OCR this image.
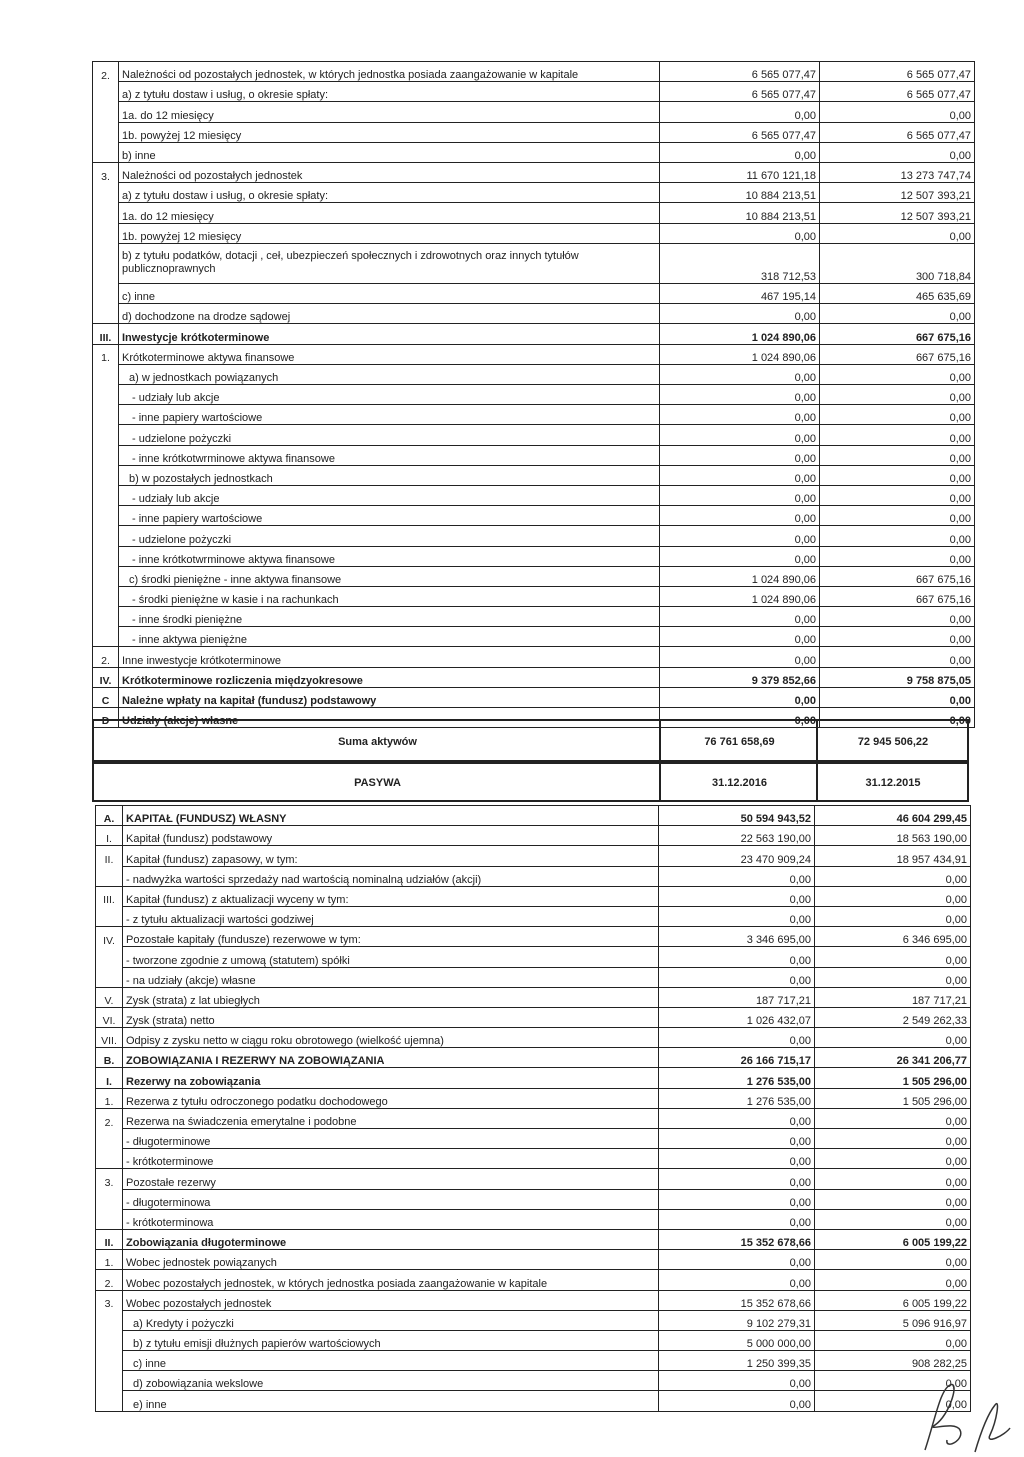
2.	Należności od pozostałych jednostek, w których jednostka posiada zaangażowanie w kapitale	6 565 077,47	6 565 077,47
	a) z tytułu dostaw i usług, o okresie spłaty:	6 565 077,47	6 565 077,47
	1a. do 12 miesięcy	0,00	0,00
	1b. powyżej 12 miesięcy	6 565 077,47	6 565 077,47
	b) inne	0,00	0,00
3.	Należności od pozostałych jednostek	11 670 121,18	13 273 747,74
	a) z tytułu dostaw i usług, o okresie spłaty:	10 884 213,51	12 507 393,21
	1a. do 12 miesięcy	10 884 213,51	12 507 393,21
	1b. powyżej 12 miesięcy	0,00	0,00
	b) z tytułu podatków, dotacji , ceł, ubezpieczeń społecznych i zdrowotnych oraz innych tytułów publicznoprawnych	318 712,53	300 718,84
	c) inne	467 195,14	465 635,69
	d) dochodzone na drodze sądowej	0,00	0,00
III.	Inwestycje krótkoterminowe	1 024 890,06	667 675,16
1.	Krótkoterminowe aktywa finansowe	1 024 890,06	667 675,16
	a) w jednostkach powiązanych	0,00	0,00
	- udziały lub akcje	0,00	0,00
	- inne papiery wartościowe	0,00	0,00
	- udzielone pożyczki	0,00	0,00
	- inne krótkotwrminowe aktywa finansowe	0,00	0,00
	b) w pozostałych jednostkach	0,00	0,00
	- udziały lub akcje	0,00	0,00
	- inne papiery wartościowe	0,00	0,00
	- udzielone pożyczki	0,00	0,00
	- inne krótkotwrminowe aktywa finansowe	0,00	0,00
	c) środki pieniężne - inne aktywa finansowe	1 024 890,06	667 675,16
	- środki pieniężne w kasie i na rachunkach	1 024 890,06	667 675,16
	- inne środki pieniężne	0,00	0,00
	- inne aktywa pieniężne	0,00	0,00
2.	Inne inwestycje krótkoterminowe	0,00	0,00
IV.	Krótkoterminowe rozliczenia międzyokresowe	9 379 852,66	9 758 875,05
C	Należne wpłaty na kapitał (fundusz) podstawowy	0,00	0,00
D	Udziały (akcje) własne	0,00	0,00
Suma aktywów	76 761 658,69	72 945 506,22
PASYWA	31.12.2016	31.12.2015
A.	KAPITAŁ (FUNDUSZ) WŁASNY	50 594 943,52	46 604 299,45
I.	Kapitał (fundusz) podstawowy	22 563 190,00	18 563 190,00
II.	Kapitał (fundusz) zapasowy, w tym:	23 470 909,24	18 957 434,91
	- nadwyżka wartości sprzedaży nad wartością nominalną udziałów (akcji)	0,00	0,00
III.	Kapitał (fundusz) z aktualizacji wyceny w tym:	0,00	0,00
	- z tytułu aktualizacji wartości godziwej	0,00	0,00
IV.	Pozostałe kapitały (fundusze) rezerwowe w tym:	3 346 695,00	6 346 695,00
	- tworzone zgodnie z umową (statutem) spółki	0,00	0,00
	- na udziały (akcje) własne	0,00	0,00
V.	Zysk (strata) z lat ubiegłych	187 717,21	187 717,21
VI.	Zysk (strata) netto	1 026 432,07	2 549 262,33
VII.	Odpisy z zysku netto w ciągu roku obrotowego (wielkość ujemna)	0,00	0,00
B.	ZOBOWIĄZANIA I REZERWY NA ZOBOWIĄZANIA	26 166 715,17	26 341 206,77
I.	Rezerwy na zobowiązania	1 276 535,00	1 505 296,00
1.	Rezerwa z tytułu odroczonego podatku dochodowego	1 276 535,00	1 505 296,00
2.	Rezerwa na świadczenia emerytalne i podobne	0,00	0,00
	- długoterminowe	0,00	0,00
	- krótkoterminowe	0,00	0,00
3.	Pozostałe rezerwy	0,00	0,00
	- długoterminowa	0,00	0,00
	- krótkoterminowa	0,00	0,00
II.	Zobowiązania długoterminowe	15 352 678,66	6 005 199,22
1.	Wobec jednostek powiązanych	0,00	0,00
2.	Wobec pozostałych jednostek, w których jednostka posiada zaangażowanie w kapitale	0,00	0,00
3.	Wobec pozostałych jednostek	15 352 678,66	6 005 199,22
	a) Kredyty i pożyczki	9 102 279,31	5 096 916,97
	b) z tytułu emisji dłużnych papierów wartościowych	5 000 000,00	0,00
	c) inne	1 250 399,35	908 282,25
	d) zobowiązania wekslowe	0,00	0,00
	e) inne	0,00	0,00
